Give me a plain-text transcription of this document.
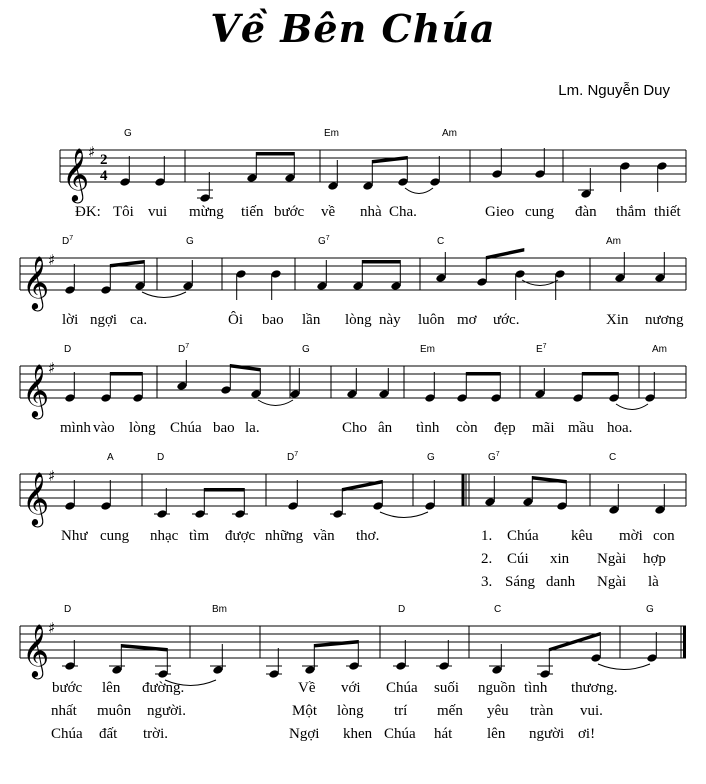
Về Bên Chúa
Lm. Nguyễn Duy
𝄞
♯ 2
4
G	Em	Am
ĐK: Tôi vui mừng tiến bước về nhà Cha.	Gieo cung đàn thắm thiết
𝄞
♯
$D^7$	G	$G^7$	C	Am
lời ngợi ca.	Ôi bao lần lòng này luôn mơ ước.	Xin nương
𝄞
♯
D	$D^7$	G	Em	$E^7$	Am
mình vào lòng Chúa bao la.	Cho ân tình còn đẹp mãi mầu hoa.
𝄞
♯
A	D	$D^7$	G	$G^7$	C
Như cung nhạc tìm được những vần thơ.	1. Chúa kêu mời con
2. Cúi xin Ngài hợp
3. Sáng danh Ngài là
𝄞
♯
D	Bm	D	C	G
bước lên đường.	Về với Chúa suối nguồn tình thương.
nhất muôn người.	Một lòng trí mến yêu tràn vui.
Chúa đất trời.	Ngợi khen Chúa hát lên người ơi!
